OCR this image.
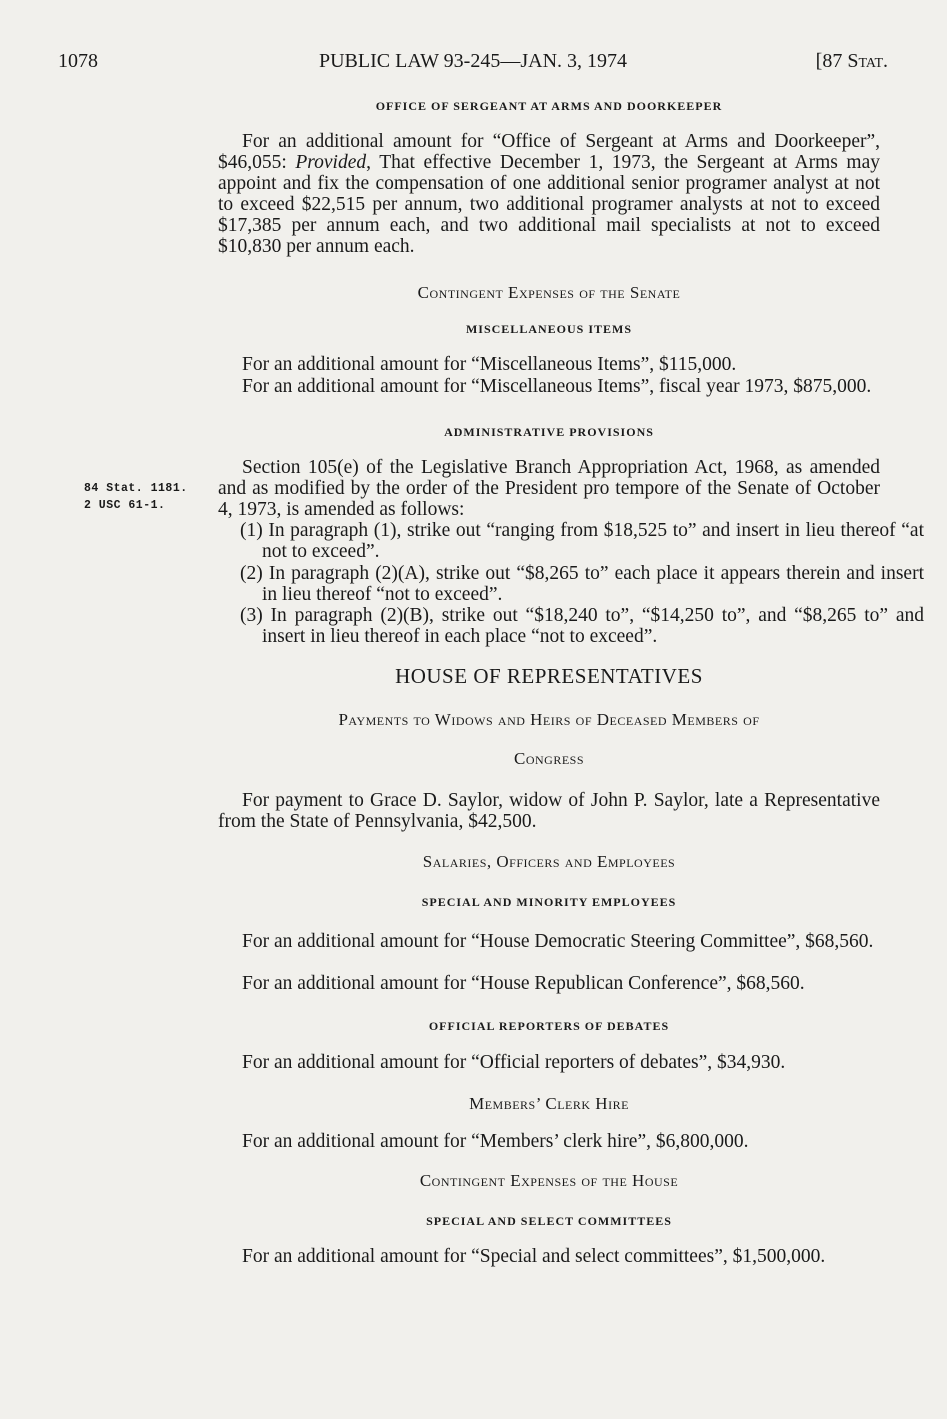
1078	PUBLIC LAW 93-245—JAN. 3, 1974	[87 Stat.
84 Stat. 1181.
2 USC 61-1.

OFFICE OF SERGEANT AT ARMS AND DOORKEEPER

For an additional amount for “Office of Sergeant at Arms and Doorkeeper”, $46,055: Provided, That effective December 1, 1973, the Sergeant at Arms may appoint and fix the compensation of one additional senior programer analyst at not to exceed $22,515 per annum, two additional programer analysts at not to exceed $17,385 per annum each, and two additional mail specialists at not to exceed $10,830 per annum each.

Contingent Expenses of the Senate

MISCELLANEOUS ITEMS

For an additional amount for “Miscellaneous Items”, $115,000.

For an additional amount for “Miscellaneous Items”, fiscal year 1973, $875,000.

ADMINISTRATIVE PROVISIONS

Section 105(e) of the Legislative Branch Appropriation Act, 1968, as amended and as modified by the order of the President pro tempore of the Senate of October 4, 1973, is amended as follows:

(1) In paragraph (1), strike out “ranging from $18,525 to” and insert in lieu thereof “at not to exceed”.

(2) In paragraph (2)(A), strike out “$8,265 to” each place it appears therein and insert in lieu thereof “not to exceed”.

(3) In paragraph (2)(B), strike out “$18,240 to”, “$14,250 to”, and “$8,265 to” and insert in lieu thereof in each place “not to exceed”.

HOUSE OF REPRESENTATIVES

Payments to Widows and Heirs of Deceased Members of

Congress

For payment to Grace D. Saylor, widow of John P. Saylor, late a Representative from the State of Pennsylvania, $42,500.

Salaries, Officers and Employees

SPECIAL AND MINORITY EMPLOYEES

For an additional amount for “House Democratic Steering Committee”, $68,560.

For an additional amount for “House Republican Conference”, $68,560.

OFFICIAL REPORTERS OF DEBATES

For an additional amount for “Official reporters of debates”, $34,930.

Members’ Clerk Hire

For an additional amount for “Members’ clerk hire”, $6,800,000.

Contingent Expenses of the House

SPECIAL AND SELECT COMMITTEES

For an additional amount for “Special and select committees”, $1,500,000.
